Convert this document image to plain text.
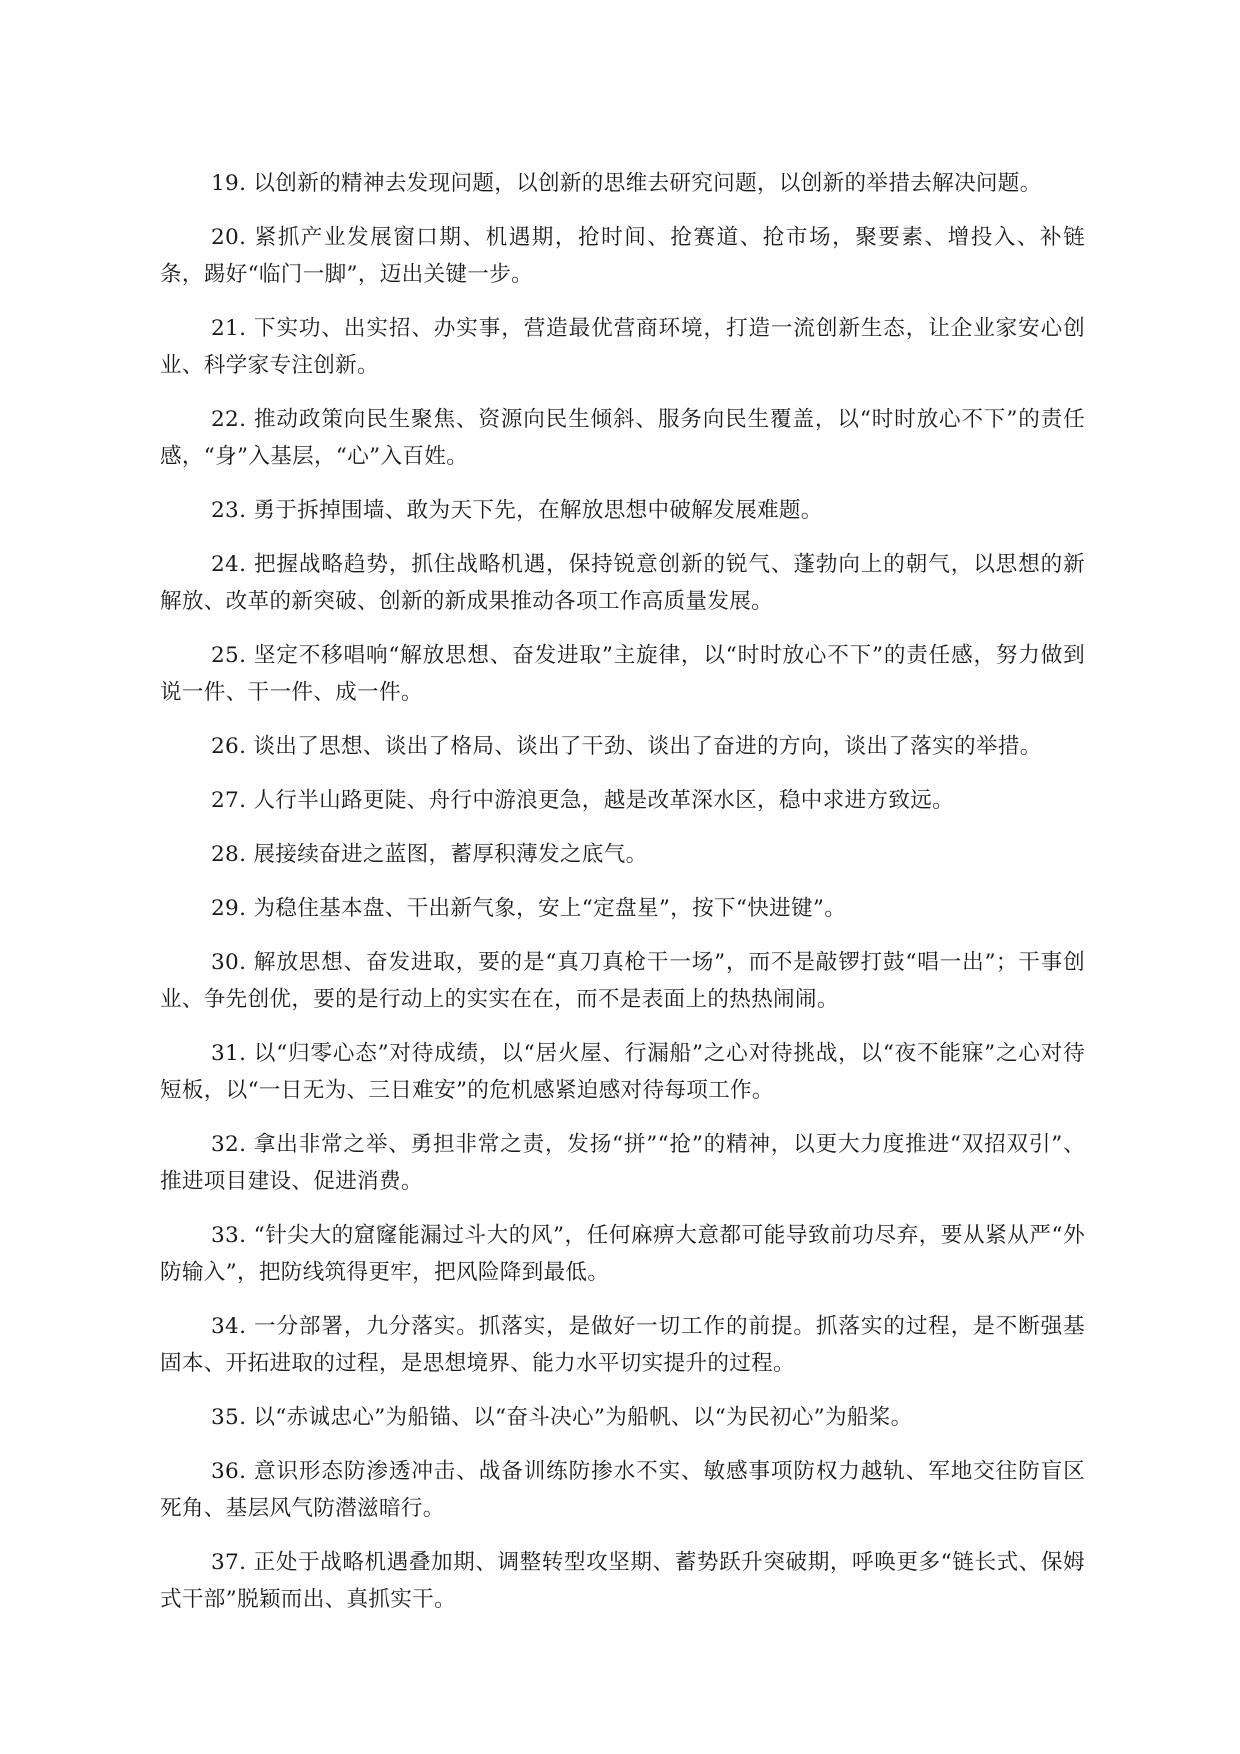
19. 以创新的精神去发现问题，以创新的思维去研究问题，以创新的举措去解决问题。

20. 紧抓产业发展窗口期、机遇期，抢时间、抢赛道、抢市场，聚要素、增投入、补链条，踢好“临门一脚”，迈出关键一步。

21. 下实功、出实招、办实事，营造最优营商环境，打造一流创新生态，让企业家安心创业、科学家专注创新。

22. 推动政策向民生聚焦、资源向民生倾斜、服务向民生覆盖，以“时时放心不下”的责任感，“身”入基层，“心”入百姓。

23. 勇于拆掉围墙、敢为天下先，在解放思想中破解发展难题。

24. 把握战略趋势，抓住战略机遇，保持锐意创新的锐气、蓬勃向上的朝气，以思想的新解放、改革的新突破、创新的新成果推动各项工作高质量发展。

25. 坚定不移唱响“解放思想、奋发进取”主旋律，以“时时放心不下”的责任感，努力做到说一件、干一件、成一件。

26. 谈出了思想、谈出了格局、谈出了干劲、谈出了奋进的方向，谈出了落实的举措。

27. 人行半山路更陡、舟行中游浪更急，越是改革深水区，稳中求进方致远。

28. 展接续奋进之蓝图，蓄厚积薄发之底气。

29. 为稳住基本盘、干出新气象，安上“定盘星”，按下“快进键”。

30. 解放思想、奋发进取，要的是“真刀真枪干一场”，而不是敲锣打鼓“唱一出”；干事创业、争先创优，要的是行动上的实实在在，而不是表面上的热热闹闹。

31. 以“归零心态”对待成绩，以“居火屋、行漏船”之心对待挑战，以“夜不能寐”之心对待短板，以“一日无为、三日难安”的危机感紧迫感对待每项工作。

32. 拿出非常之举、勇担非常之责，发扬“拼”“抢”的精神，以更大力度推进“双招双引”、推进项目建设、促进消费。

33. “针尖大的窟窿能漏过斗大的风”，任何麻痹大意都可能导致前功尽弃，要从紧从严“外防输入”，把防线筑得更牢，把风险降到最低。

34. 一分部署，九分落实。抓落实，是做好一切工作的前提。抓落实的过程，是不断强基固本、开拓进取的过程，是思想境界、能力水平切实提升的过程。

35. 以“赤诚忠心”为船锚、以“奋斗决心”为船帆、以“为民初心”为船桨。

36. 意识形态防渗透冲击、战备训练防掺水不实、敏感事项防权力越轨、军地交往防盲区死角、基层风气防潜滋暗行。

37. 正处于战略机遇叠加期、调整转型攻坚期、蓄势跃升突破期，呼唤更多“链长式、保姆式干部”脱颖而出、真抓实干。
